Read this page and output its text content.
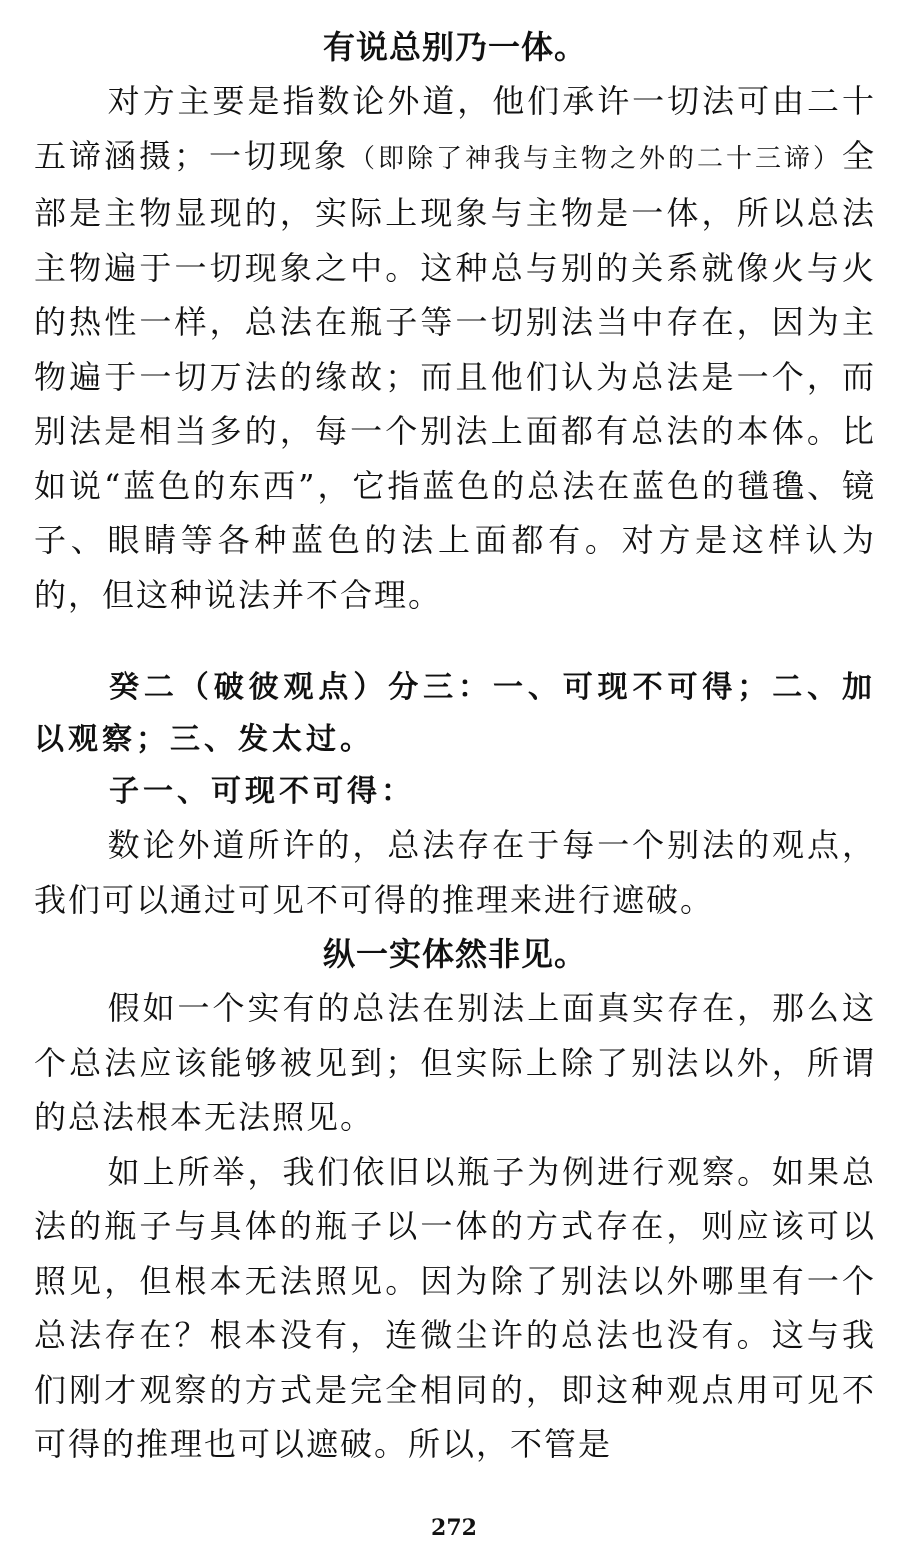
有说总别乃一体。

对方主要是指数论外道，他们承许一切法可由二十五谛涵摄；一切现象（即除了神我与主物之外的二十三谛）全部是主物显现的，实际上现象与主物是一体，所以总法主物遍于一切现象之中。这种总与别的关系就像火与火的热性一样，总法在瓶子等一切别法当中存在，因为主物遍于一切万法的缘故；而且他们认为总法是一个，而别法是相当多的，每一个别法上面都有总法的本体。比如说“蓝色的东西”，它指蓝色的总法在蓝色的氆氇、镜子、眼睛等各种蓝色的法上面都有。对方是这样认为的，但这种说法并不合理。

癸二（破彼观点）分三：一、可现不可得；二、加以观察；三、发太过。

子一、可现不可得：

数论外道所许的，总法存在于每一个别法的观点，我们可以通过可见不可得的推理来进行遮破。

纵一实体然非见。

假如一个实有的总法在别法上面真实存在，那么这个总法应该能够被见到；但实际上除了别法以外，所谓的总法根本无法照见。

如上所举，我们依旧以瓶子为例进行观察。如果总法的瓶子与具体的瓶子以一体的方式存在，则应该可以照见，但根本无法照见。因为除了别法以外哪里有一个总法存在？根本没有，连微尘许的总法也没有。这与我们刚才观察的方式是完全相同的，即这种观点用可见不可得的推理也可以遮破。所以，不管是

272
